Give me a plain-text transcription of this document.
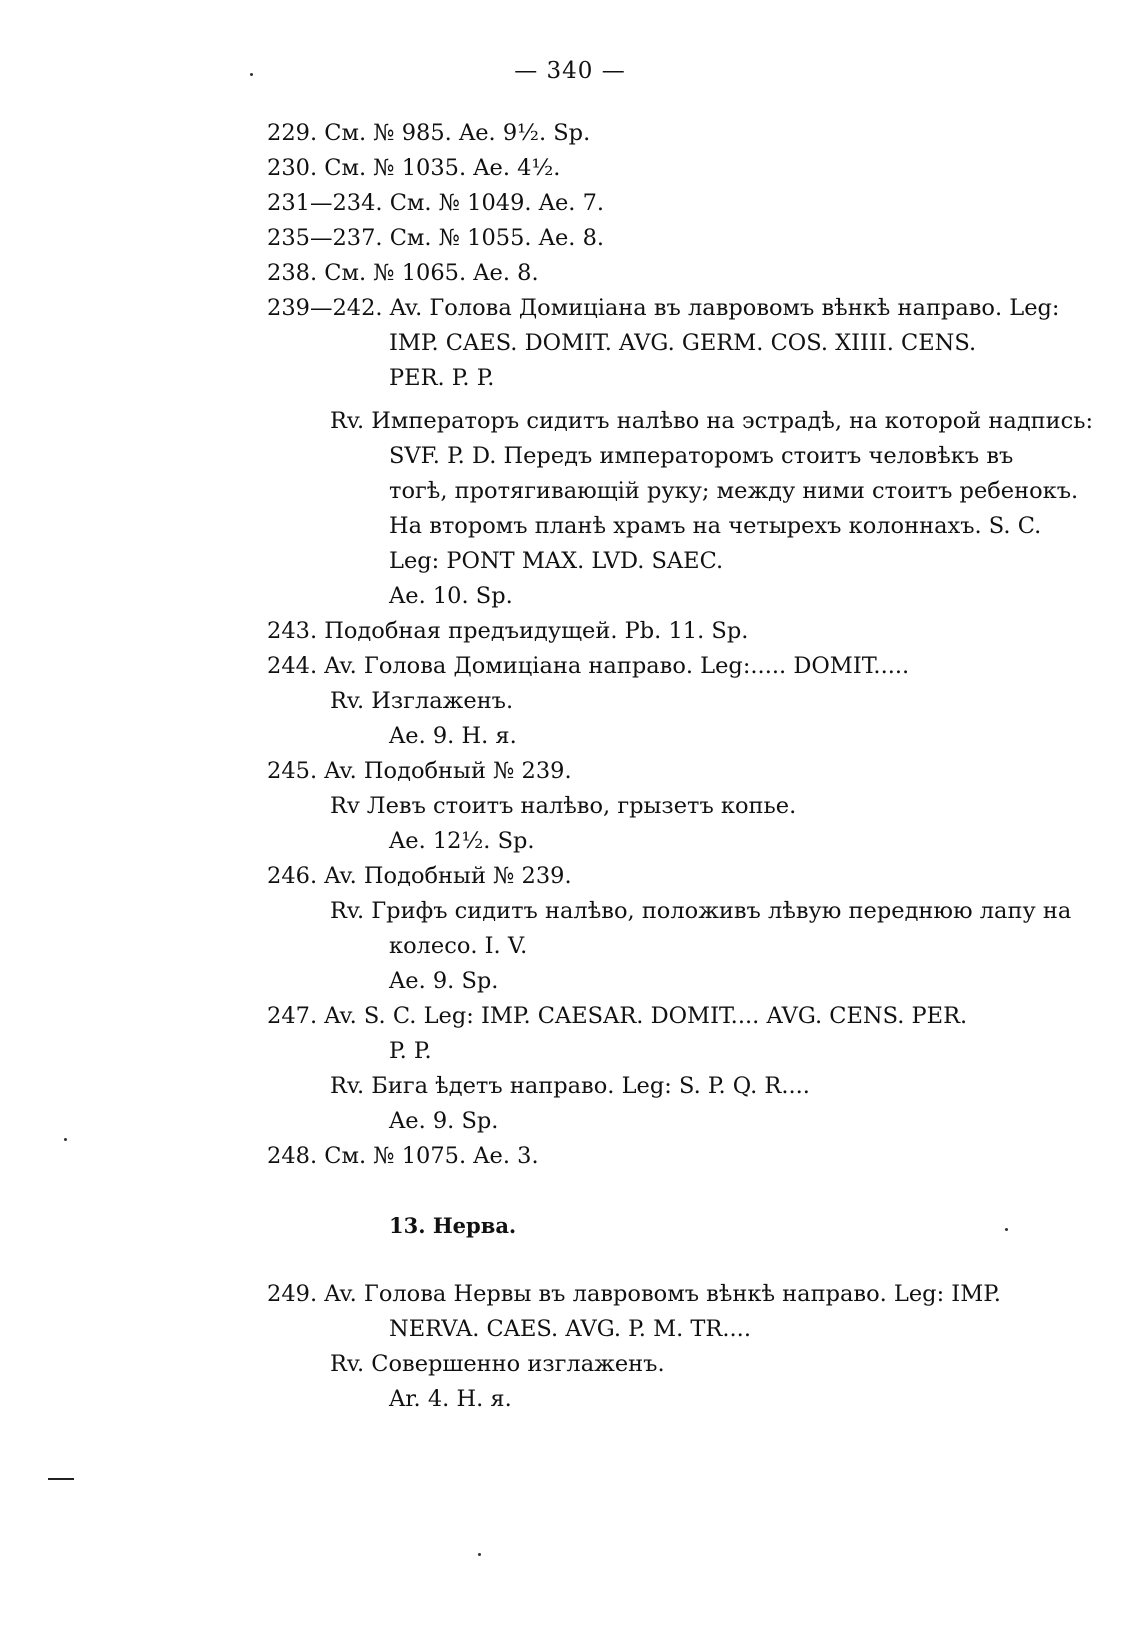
— 340 —
229. См. № 985. Ae. 9½. Sp.
230. См. № 1035. Ae. 4½.
231—234. См. № 1049. Ae. 7.
235—237. См. № 1055. Ae. 8.
238. См. № 1065. Ae. 8.
239—242. Av. Голова Домиціана въ лавровомъ вѣнкѣ направо. Leg:
IMP. CAES. DOMIT. AVG. GERM. COS. XIIII. CENS.
PER. P. P.
Rv. Императоръ сидитъ налѣво на эстрадѣ, на которой надпись:
SVF. P. D. Передъ императоромъ стоитъ человѣкъ въ
тогѣ, протягивающій руку; между ними стоитъ ребенокъ.
На второмъ планѣ храмъ на четырехъ колоннахъ. S. C.
Leg: PONT MAX. LVD. SAEC.
Ae. 10. Sp.
243. Подобная предъидущей. Pb. 11. Sp.
244. Av. Голова Домиціана направо. Leg:..... DOMIT.....
Rv. Изглаженъ.
Ae. 9. H. я.
245. Av. Подобный № 239.
Rv Левъ стоитъ налѣво, грызетъ копье.
Ae. 12½. Sp.
246. Av. Подобный № 239.
Rv. Грифъ сидитъ налѣво, положивъ лѣвую переднюю лапу на
колесо. I. V.
Ae. 9. Sp.
247. Av. S. C. Leg: IMP. CAESAR. DOMIT.... AVG. CENS. PER.
P. P.
Rv. Бига ѣдетъ направо. Leg: S. P. Q. R....
Ae. 9. Sp.
248. См. № 1075. Ae. 3.
13. Нерва.
249. Av. Голова Нервы въ лавровомъ вѣнкѣ направо. Leg: IMP.
NERVA. CAES. AVG. P. M. TR....
Rv. Совершенно изглаженъ.
Ar. 4. H. я.
